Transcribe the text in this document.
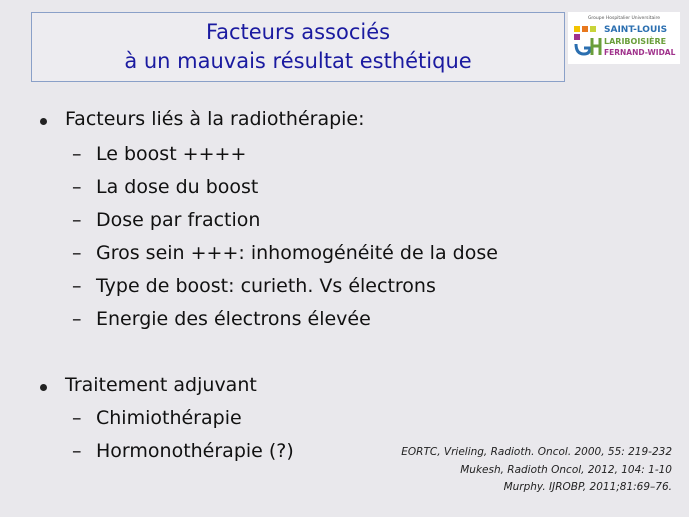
Facteurs associés
à un mauvais résultat esthétique
Groupe Hospitalier Universitaire
SAINT-LOUIS
LARIBOISIÈRE
FERNAND-WIDAL
Facteurs liés à la radiothérapie:
– Le boost ++++
– La dose du boost
– Dose par fraction
– Gros sein +++: inhomogénéité de la dose
– Type de boost: curieth. Vs électrons
– Energie des électrons élevée
Traitement adjuvant
– Chimiothérapie
– Hormonothérapie (?)	EORTC, Vrieling, Radioth. Oncol. 2000, 55: 219-232
Mukesh, Radioth Oncol, 2012, 104: 1-10
Murphy. IJROBP, 2011;81:69–76.
